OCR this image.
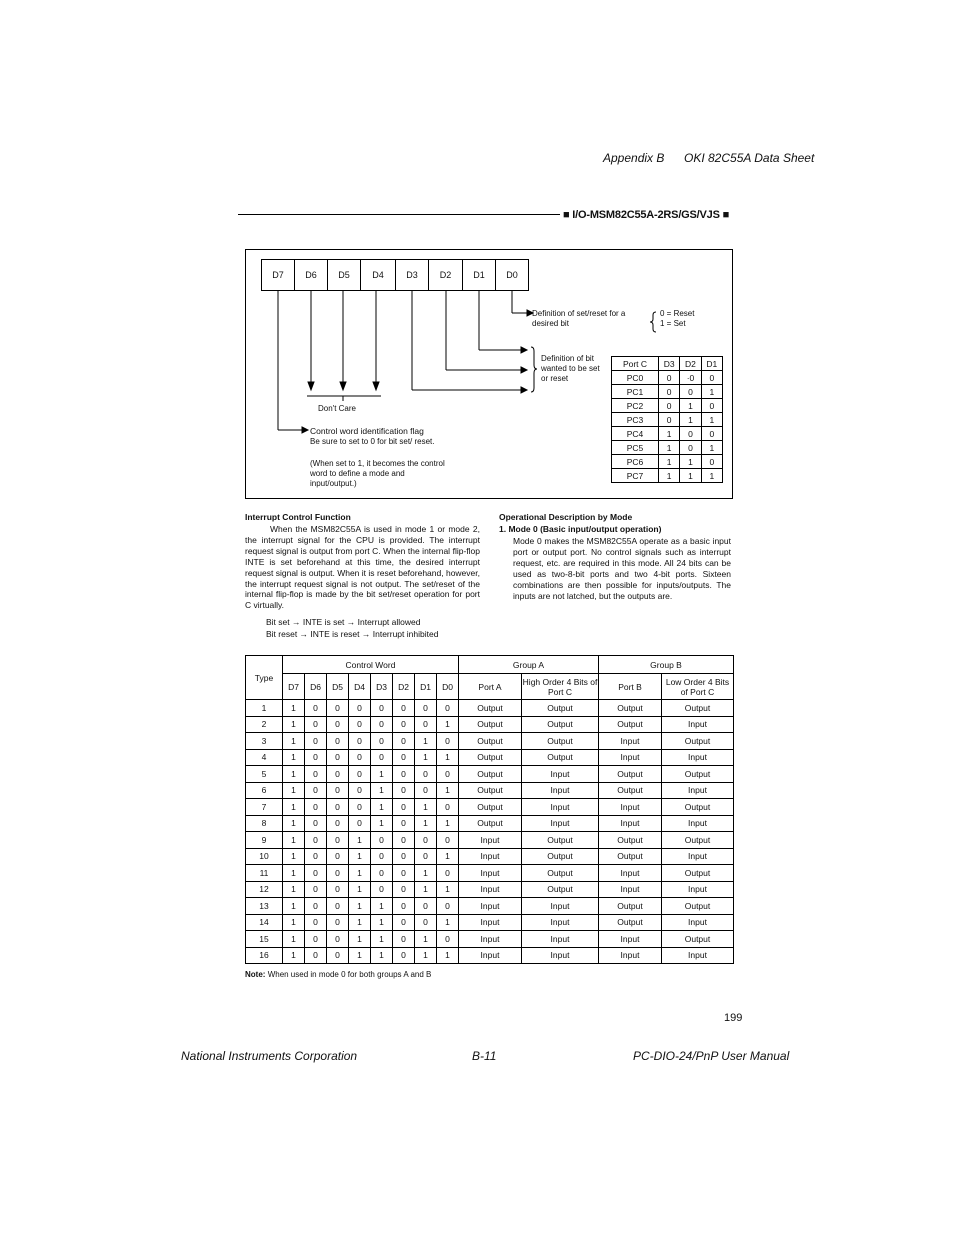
Appendix B OKI 82C55A Data Sheet
■ I/O-MSM82C55A-2RS/GS/VJS ■
D7	D6	D5	D4	D3	D2	D1	D0
Definition of set/reset for a desired bit
0 = Reset
1 = Set
Definition of bit wanted to be set or reset
Don't Care
Control word identification flag
Be sure to set to 0 for bit set/ reset.
(When set to 1, it becomes the control word to define a mode and input/output.)
Port C	D3	D2	D1
PC0	0	·0	0
PC1	0	0	1
PC2	0	1	0
PC3	0	1	1
PC4	1	0	0
PC5	1	0	1
PC6	1	1	0
PC7	1	1	1
Interrupt Control Function
When the MSM82C55A is used in mode 1 or mode 2, the interrupt signal for the CPU is provided. The interrupt request signal is output from port C. When the internal flip-flop INTE is set beforehand at this time, the desired interrupt request signal is output. When it is reset beforehand, however, the interrupt request signal is not output. The set/reset of the internal flip-flop is made by the bit set/reset operation for port C virtually.
Bit set → INTE is set → Interrupt allowed
Bit reset → INTE is reset → Interrupt inhibited
Operational Description by Mode
1. Mode 0 (Basic input/output operation)
Mode 0 makes the MSM82C55A operate as a basic input port or output port. No control signals such as interrupt request, etc. are required in this mode. All 24 bits can be used as two-8-bit ports and two 4-bit ports. Sixteen combinations are then possible for inputs/outputs. The inputs are not latched, but the outputs are.
Type	Control Word								Group A		Group B	
	D7	D6	D5	D4	D3	D2	D1	D0	Port A	High Order 4 Bits of Port C	Port B	Low Order 4 Bits of Port C
1	1	0	0	0	0	0	0	0	Output	Output	Output	Output
2	1	0	0	0	0	0	0	1	Output	Output	Output	Input
3	1	0	0	0	0	0	1	0	Output	Output	Input	Output
4	1	0	0	0	0	0	1	1	Output	Output	Input	Input
5	1	0	0	0	1	0	0	0	Output	Input	Output	Output
6	1	0	0	0	1	0	0	1	Output	Input	Output	Input
7	1	0	0	0	1	0	1	0	Output	Input	Input	Output
8	1	0	0	0	1	0	1	1	Output	Input	Input	Input
9	1	0	0	1	0	0	0	0	Input	Output	Output	Output
10	1	0	0	1	0	0	0	1	Input	Output	Output	Input
11	1	0	0	1	0	0	1	0	Input	Output	Input	Output
12	1	0	0	1	0	0	1	1	Input	Output	Input	Input
13	1	0	0	1	1	0	0	0	Input	Input	Output	Output
14	1	0	0	1	1	0	0	1	Input	Input	Output	Input
15	1	0	0	1	1	0	1	0	Input	Input	Input	Output
16	1	0	0	1	1	0	1	1	Input	Input	Input	Input
Note: When used in mode 0 for both groups A and B
199
National Instruments Corporation	B-11	PC-DIO-24/PnP User Manual
